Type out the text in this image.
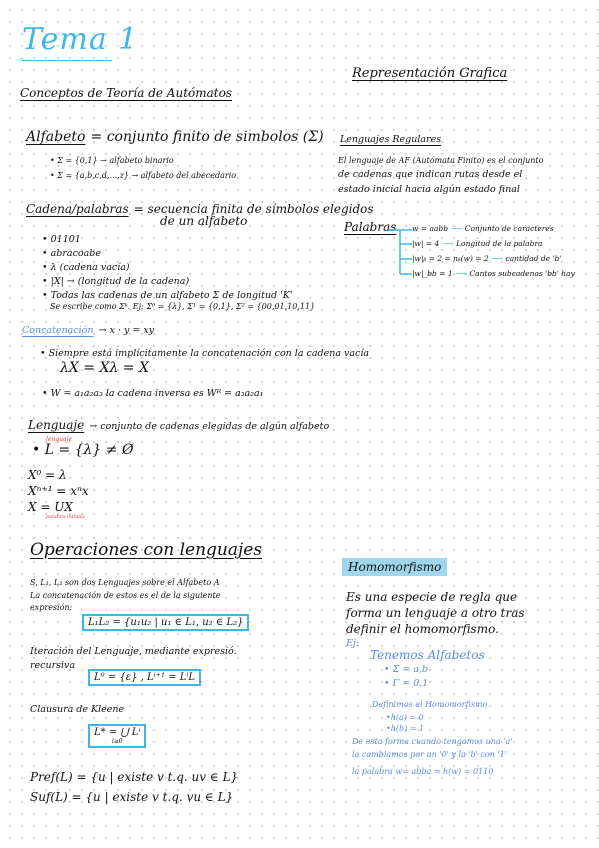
Tema 1
Conceptos de Teoría de Autómatos
Alfabeto = conjunto finito de simbolos (Σ)
• Σ = {0,1} → alfabeto binario
• Σ = {a,b,c,d,...,z} → alfabeto del abecedario
Cadena/palabras = secuencia finita de símbolos elegidos
de un alfabeto
• 01101
• abracoabe
• λ (cadena vacía)
• |X| → (longitud de la cadena)
• Todas las cadenas de un alfabeto Σ de longitud 'K'
Se escribe como Σᵏ. Ej: Σ⁰ = {λ}, Σ¹ = {0,1}, Σ² = {00,01,10,11}
Concatenación → x · y = xy
• Siempre está implícitamente la concatenación con la cadena vacía
λX = Xλ = X
• W = a₁a₂a₃ la cadena inversa es Wᴿ = a₃a₂a₁
Lenguaje → conjunto de cadenas elegidas de algún alfabeto
lenguaje
• L = {λ} ≠ Ø
X⁰ = λ
Xⁿ⁺¹ = xⁿx
X = UX
palabra infinita
Operaciones con lenguajes
S, L₁, L₂ son dos Lenguajes sobre el Alfabeto A
La concatenación de estos es el de la siguiente
expresión:
L₁L₂ = {u₁u₂ | u₁ ∈ L₁, u₂ ∈ L₂}
Iteración del Lenguaje, mediante expresió.
recursiva
L⁰ = {ε} , Lⁱ⁺¹ = LⁱL
Clausura de Kleene
L* = ⋃ Lⁱ
i≥0
Pref(L) = {u | existe v t.q. uv ∈ L}
Suf(L) = {u | existe v t.q. vu ∈ L}
Representación Grafica
Lenguajes Regulares
El lenguaje de AF (Autómata Finito) es el conjunto
de cadenas que indican rutas desde el
estado inicial hacia algún estado final
Palabras w = aabb ⟶ Conjunto de caracteres
|w| = 4 ⟶ Longitud de la palabra
|w|ᵦ = 2 = nᵦ(w) = 2 ⟶ cantidad de 'b'
|w|_bb = 1 ⟶ Cantos subcadenas 'bb' hay
Homomorfismo
Es una especie de regla que
forma un lenguaje a otro tras
definir el homomorfismo.
Ej:
Tenemos Alfabetos
• Σ = a,b
• Γ = 0,1
Definimos el Homomorfismo
•h(a) = 0
•h(b) = 1
De esta forma cuando tengamos una 'a'
la cambiamos por un '0' y la 'b' con '1'
la palabra w= abba ⇒ h(w) = 0110
